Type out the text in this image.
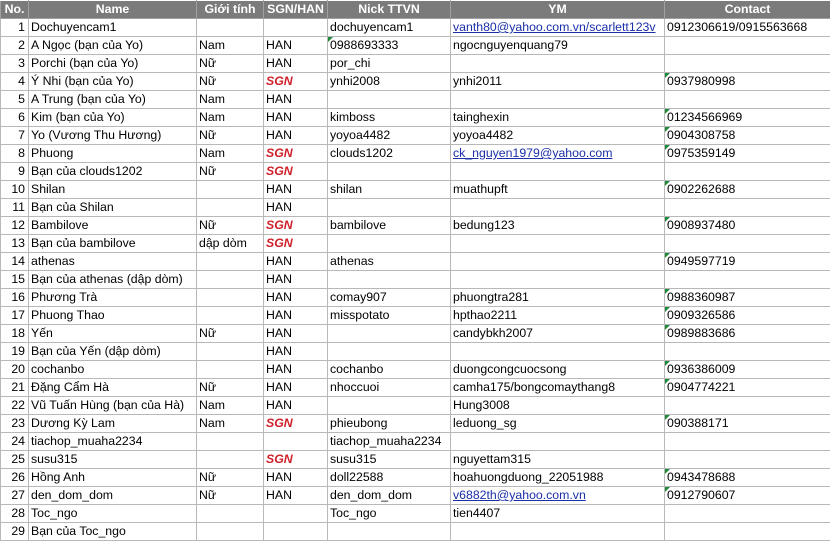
No.	Name	Giới tính	SGN/HAN	Nick TTVN	YM	Contact
1	Dochuyencam1			dochuyencam1	vanth80@yahoo.com.vn/scarlett123v	0912306619/0915563668
2	A Ngọc (bạn của Yo)	Nam	HAN	0988693333	ngocnguyenquang79	
3	Porchi (bạn của Yo)	Nữ	HAN	por_chi		
4	Ý Nhi (bạn của Yo)	Nữ	SGN	ynhi2008	ynhi2011	0937980998
5	A Trung (bạn của Yo)	Nam	HAN			
6	Kim (bạn của Yo)	Nam	HAN	kimboss	taingheхin	01234566969
7	Yo (Vương Thu Hương)	Nữ	HAN	yoyoa4482	yoyoa4482	0904308758
8	Phuong	Nam	SGN	clouds1202	ck_nguyen1979@yahoo.com	0975359149
9	Bạn của clouds1202	Nữ	SGN			
10	Shilan		HAN	shilan	muathupft	0902262688
11	Bạn của Shilan		HAN			
12	Bambilove	Nữ	SGN	bambilove	bedung123	0908937480
13	Bạn của bambilove	dập dòm	SGN			
14	athenas		HAN	athenas		0949597719
15	Bạn của athenas (dập dòm)		HAN			
16	Phương Trà		HAN	comay907	phuongtra281	0988360987
17	Phuong Thao		HAN	misspotato	hpthao2211	0909326586
18	Yến	Nữ	HAN		candybkh2007	0989883686
19	Bạn của Yến (dập dòm)		HAN			
20	cochanbo		HAN	cochanbo	duongcongcuocsong	0936386009
21	Đặng Cẩm Hà	Nữ	HAN	nhoccuoi	camha175/bongcomaythang8	0904774221
22	Vũ Tuấn Hùng (bạn của Hà)	Nam	HAN		Hung3008	
23	Dương Kỳ Lam	Nam	SGN	phieubong	leduong_sg	090388171
24	tiachop_muaha2234			tiachop_muaha2234		
25	susu315		SGN	susu315	nguyettam315	
26	Hồng Anh	Nữ	HAN	doll22588	hoahuongduong_22051988	0943478688
27	den_dom_dom	Nữ	HAN	den_dom_dom	v6882th@yahoo.com.vn	0912790607
28	Toc_ngo			Toc_ngo	tien4407	
29	Bạn của Toc_ngo					
